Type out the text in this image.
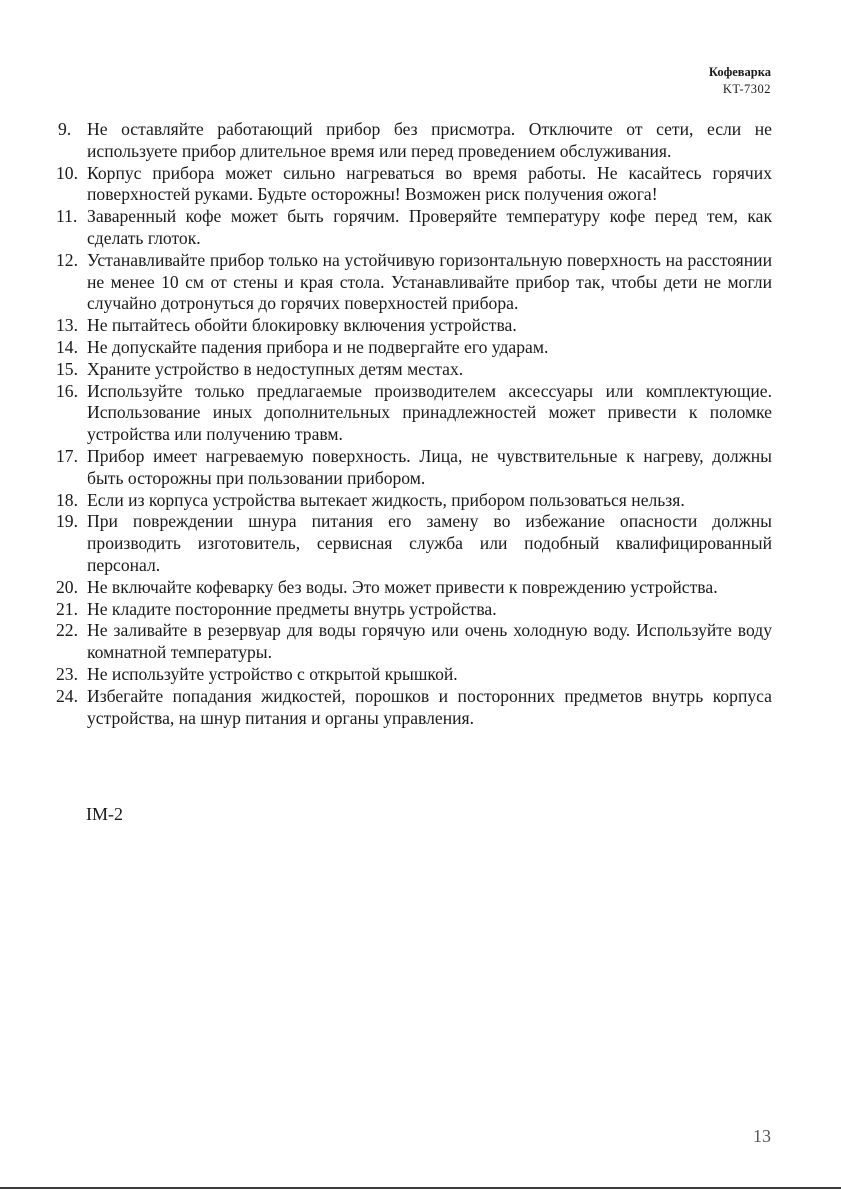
Кофеварка
KT-7302
9. Не оставляйте работающий прибор без присмотра. Отключите от сети, если не используете прибор длительное время или перед проведением обслуживания.
10. Корпус прибора может сильно нагреваться во время работы. Не касайтесь горячих поверхностей руками. Будьте осторожны! Возможен риск получения ожога!
11. Заваренный кофе может быть горячим. Проверяйте температуру кофе перед тем, как сделать глоток.
12. Устанавливайте прибор только на устойчивую горизонтальную поверхность на расстоянии не менее 10 см от стены и края стола. Устанавливайте прибор так, чтобы дети не могли случайно дотронуться до горячих поверхностей прибора.
13. Не пытайтесь обойти блокировку включения устройства.
14. Не допускайте падения прибора и не подвергайте его ударам.
15. Храните устройство в недоступных детям местах.
16. Используйте только предлагаемые производителем аксессуары или комплектующие. Использование иных дополнительных принадлежностей может привести к поломке устройства или получению травм.
17. Прибор имеет нагреваемую поверхность. Лица, не чувствительные к нагреву, должны быть осторожны при пользовании прибором.
18. Если из корпуса устройства вытекает жидкость, прибором пользоваться нельзя.
19. При повреждении шнура питания его замену во избежание опасности должны производить изготовитель, сервисная служба или подобный квалифицированный персонал.
20. Не включайте кофеварку без воды. Это может привести к повреждению устройства.
21. Не кладите посторонние предметы внутрь устройства.
22. Не заливайте в резервуар для воды горячую или очень холодную воду. Используйте воду комнатной температуры.
23. Не используйте устройство с открытой крышкой.
24. Избегайте попадания жидкостей, порошков и посторонних предметов внутрь корпуса устройства, на шнур питания и органы управления.
IM-2
13
